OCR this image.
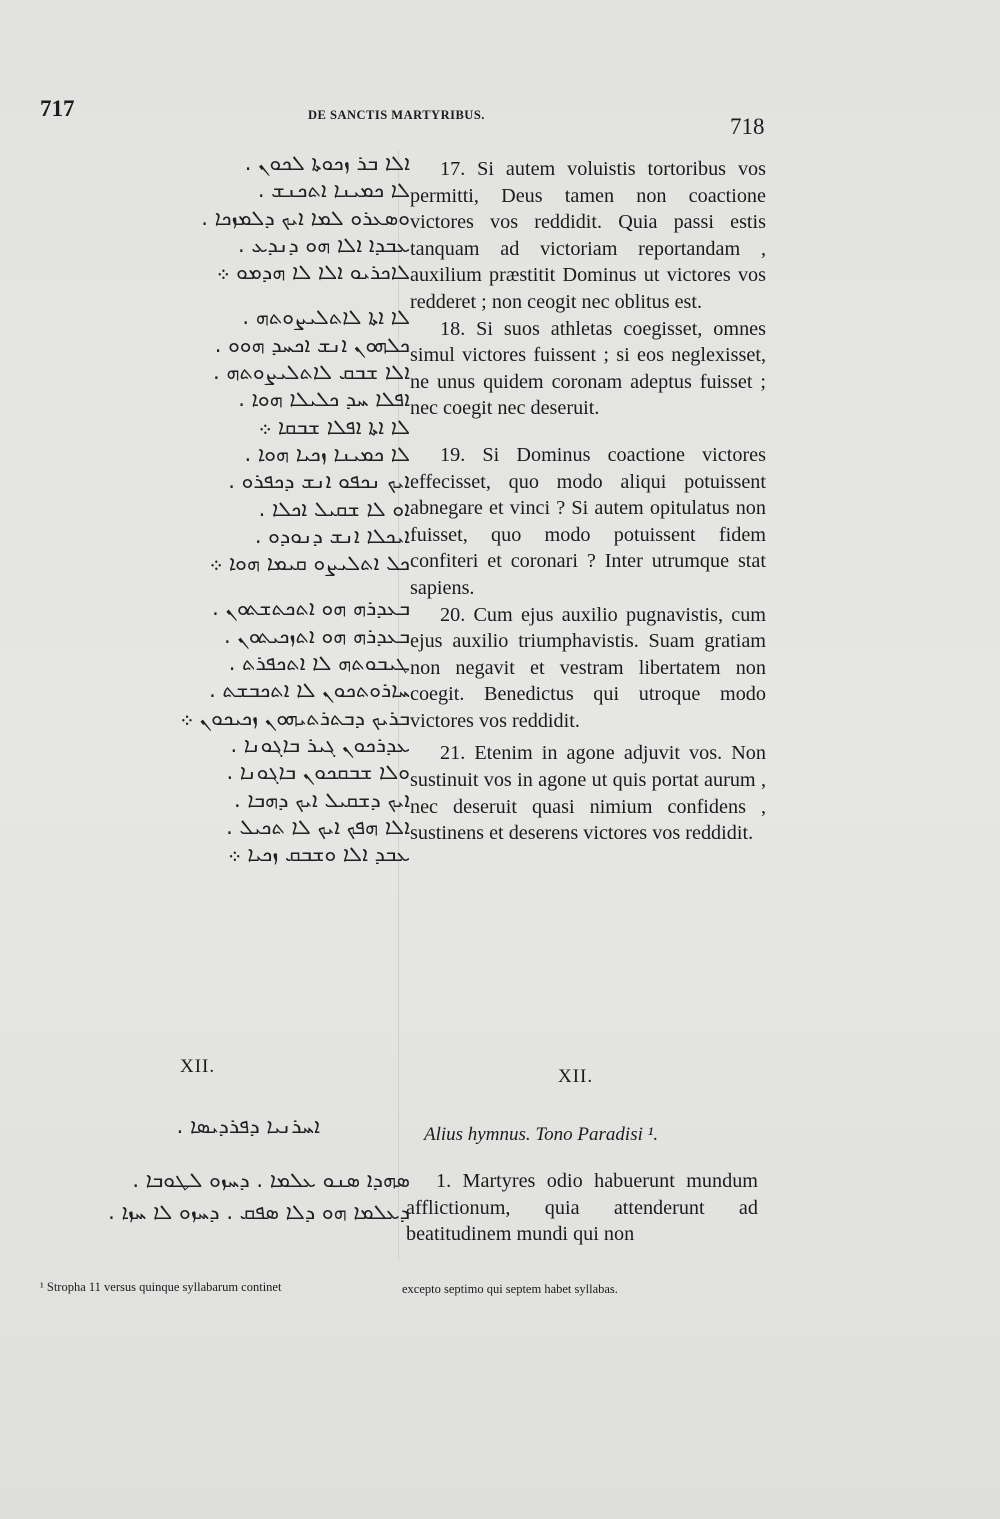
717	DE SANCTIS MARTYRIBUS.	718
ܐܠܐ ܒܪ ܙܟܘܬܐ ܠܟܘܢ .
ܠܐ ܟܡܝܢܐ ܐܬܟܢܫ .
ܘܣܥܪܘ ܠܡܐ ܐܝܟ ܕܠܡܙܟܐ .
ܥܒܕܐ ܐܠܐ ܗܘ ܕܢܕܥ .
ܠܐܟܪܝܘ ܐܠܐ ܠܐ ܗܕܡܘ ܀
ܠܐ ܐܬܐ ܠܐܬܠܝܨܘܬܗ .
ܟܠܗܘܢ ܐܢܫ ܐܟܚܕ ܗܘܘ .
ܐܠܐ ܫܒܩ ܠܐܬܠܝܨܘܬܗ .
ܐܦܠܐ ܚܕ ܟܠܝܠܐ ܗܘܐ .
ܠܐ ܐܬܐ ܐܦܠܐ ܫܒܩܐ ܀
ܠܐ ܟܡܝܢܐ ܙܟܝܐ ܗܘܐ .
ܐܝܟ ܢܟܦܘ ܐܢܫ ܕܟܦܪܘ .
ܐܘ ܠܐ ܫܩܝܠ ܐܟܠܐ .
ܐܝܟܠܐ ܐܢܫ ܕܢܘܕܘ .
ܟܠ ܐܬܠܝܨܘ ܩܝܡܐ ܗܘܐ ܀
ܒܥܕܪܗ ܗܘ ܐܬܟܬܫܬܘܢ .
ܒܥܕܪܗ ܗܘ ܐܬܙܟܝܬܘܢ .
ܛܝܒܘܬܗ ܠܐ ܐܬܟܦܪܬ .
ܚܐܪܘܬܟܘܢ ܠܐ ܐܬܟܒܫܬ .
ܒܪܝܟ ܕܒܬܪܬܝܗܘܢ ܙܟܝܟܘܢ ܀
ܥܕܪܟܘܢ ܓܝܪ ܒܐܓܘܢܐ .
ܘܠܐ ܫܒܩܟܘܢ ܒܐܓܘܢܐ .
ܐܝܟ ܕܫܩܝܠ ܐܝܟ ܕܗܒܐ .
ܐܠܐ ܗܦܟ ܐܝܟ ܠܐ ܬܟܝܠ .
ܥܒܕ ܐܠܐ ܘܫܒܩ ܙܟܝܐ ܀
XII.
ܐܚܪܢܝܐ ܕܦܪܕܝܣܐ .
ܣܗܕܐ ܣܢܘ ܥܠܡܐ . ܕܚܙܘ ܠܛܘܒܐ .
ܕܥܠܡܐ ܗܘ ܕܠܐ ܣܦܩ . ܕܚܙܘ ܠܐ ܚܙܐ .

17. Si autem voluistis tortoribus vos permitti, Deus tamen non coactione victores vos reddidit. Quia passi estis tanquam ad victoriam reportandam , auxilium præstitit Dominus ut victores vos redderet ; non ceogit nec oblitus est.

18. Si suos athletas coegisset, omnes simul victores fuissent ; si eos neglexisset, ne unus quidem coronam adeptus fuisset ; nec coegit nec deseruit.

19. Si Dominus coactione victores effecisset, quo modo aliqui potuissent abnegare et vinci ? Si autem opitulatus non fuisset, quo modo potuissent fidem confiteri et coronari ? Inter utrumque stat sapiens.

20. Cum ejus auxilio pugnavistis, cum ejus auxilio triumphavistis. Suam gratiam non negavit et vestram libertatem non coegit. Benedictus qui utroque modo victores vos reddidit.

21. Etenim in agone adjuvit vos. Non sustinuit vos in agone ut quis portat aurum , nec deseruit quasi nimium confidens , sustinens et deserens victores vos reddidit.

XII.
Alius hymnus. Tono Paradisi ¹.

1. Martyres odio habuerunt mundum afflictionum, quia attenderunt ad beatitudinem mundi qui non

¹ Stropha 11 versus quinque syllabarum continet	excepto septimo qui septem habet syllabas.
